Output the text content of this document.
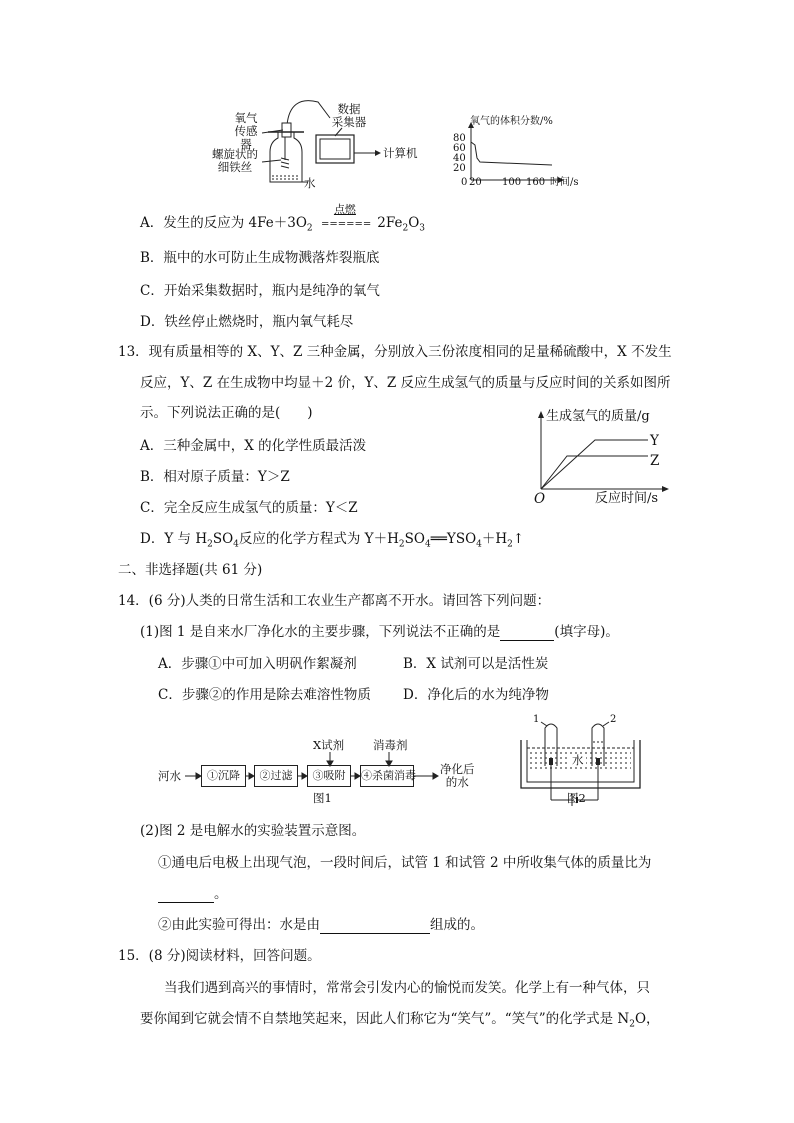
氧气
传感器
数据
采集器
螺旋状的
细铁丝
水
计算机
氧气的体积分数/%
80
60
40
20
0 20 100 160 时间/s
A．发生的反应为 $4Fe+3O_2$
点燃
====== $2Fe_2O_3$
B．瓶中的水可防止生成物溅落炸裂瓶底
C．开始采集数据时，瓶内是纯净的氧气
D．铁丝停止燃烧时，瓶内氧气耗尽
13．现有质量相等的 X、Y、Z 三种金属，分别放入三份浓度相同的足量稀硫酸中，X 不发生
反应，Y、Z 在生成物中均显＋2 价，Y、Z 反应生成氢气的质量与反应时间的关系如图所
示。下列说法正确的是(　　)
A．三种金属中，X 的化学性质最活泼
B．相对原子质量：Y＞Z
C．完全反应生成氢气的质量：Y＜Z
D．Y 与 $H_2SO_4$反应的化学方程式为 $Y+H_2SO_4══YSO_4+H_2↑$
生成氢气的质量/g
反应时间/s
O
Y
Z
二、非选择题(共 61 分)
14．(6 分)人类的日常生活和工农业生产都离不开水。请回答下列问题：
(1)图 1 是自来水厂净化水的主要步骤，下列说法不正确的是	(填字母)。
A．步骤①中可加入明矾作絮凝剂	B．X 试剂可以是活性炭
C．步骤②的作用是除去难溶性物质 D．净化后的水为纯净物
河水	①沉降	②过滤	③吸附	④杀菌消毒
X试剂	消毒剂
净化后
的水
图1
1	2
水
图2
(2)图 2 是电解水的实验装置示意图。
①通电后电极上出现气泡，一段时间后，试管 1 和试管 2 中所收集气体的质量比为
。
②由此实验可得出：水是由	组成的。
15．(8 分)阅读材料，回答问题。
当我们遇到高兴的事情时，常常会引发内心的愉悦而发笑。化学上有一种气体，只
要你闻到它就会情不自禁地笑起来，因此人们称它为“笑气”。“笑气”的化学式是 $N_2O$，
